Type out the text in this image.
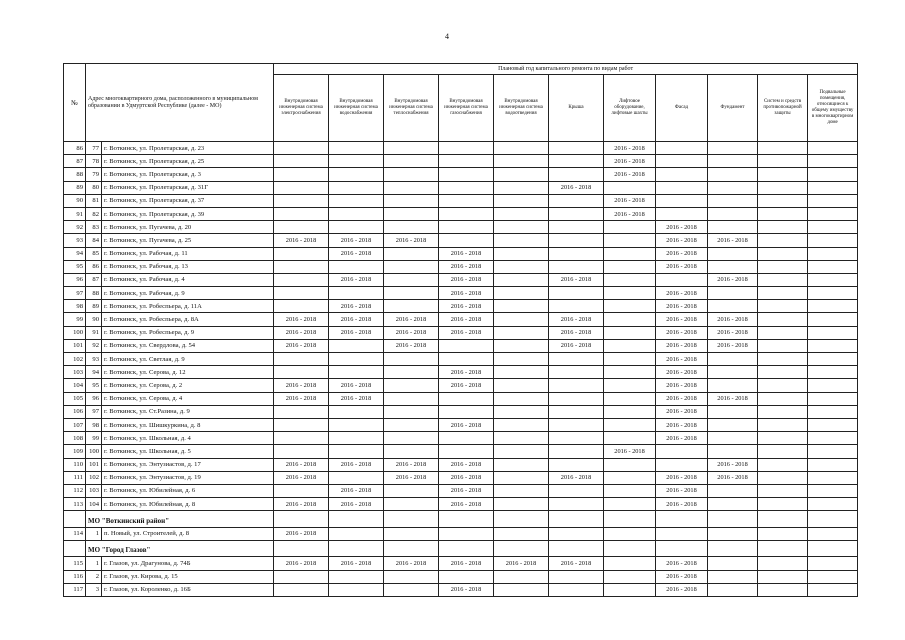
4
№	Адрес многоквартирного дома, расположенного в муниципальном образовании в Удмуртской Республике (далее - МО)		Плановый год капитального ремонта по видам работ										
			Внутридомовая инженерная система электроснабжения	Внутридомовая инженерная система водоснабжения	Внутридомовая инженерная система теплоснабжения	Внутридомовая инженерная система газоснабжения	Внутридомовая инженерная система водоотведения	Крыша	Лифтовое оборудование, лифтовые шахты	Фасад	Фундамент	Систем и средств противопожарной защиты	Подвальные помещения, относящиеся к общему имуществу в многоквартирном доме
86	77	г. Воткинск, ул. Пролетарская, д. 23							2016 - 2018				
87	78	г. Воткинск, ул. Пролетарская, д. 25							2016 - 2018				
88	79	г. Воткинск, ул. Пролетарская, д. 3							2016 - 2018				
89	80	г. Воткинск, ул. Пролетарская, д. 31Г						2016 - 2018					
90	81	г. Воткинск, ул. Пролетарская, д. 37							2016 - 2018				
91	82	г. Воткинск, ул. Пролетарская, д. 39							2016 - 2018				
92	83	г. Воткинск, ул. Пугачева, д. 20								2016 - 2018			
93	84	г. Воткинск, ул. Пугачева, д. 25	2016 - 2018	2016 - 2018	2016 - 2018					2016 - 2018	2016 - 2018		
94	85	г. Воткинск, ул. Рабочая, д. 11		2016 - 2018		2016 - 2018				2016 - 2018			
95	86	г. Воткинск, ул. Рабочая, д. 13				2016 - 2018				2016 - 2018			
96	87	г. Воткинск, ул. Рабочая, д. 4		2016 - 2018		2016 - 2018		2016 - 2018			2016 - 2018		
97	88	г. Воткинск, ул. Рабочая, д. 9				2016 - 2018				2016 - 2018			
98	89	г. Воткинск, ул. Робеспьера, д. 11А		2016 - 2018		2016 - 2018				2016 - 2018			
99	90	г. Воткинск, ул. Робеспьера, д. 8А	2016 - 2018	2016 - 2018	2016 - 2018	2016 - 2018		2016 - 2018		2016 - 2018	2016 - 2018		
100	91	г. Воткинск, ул. Робеспьера, д. 9	2016 - 2018	2016 - 2018	2016 - 2018	2016 - 2018		2016 - 2018		2016 - 2018	2016 - 2018		
101	92	г. Воткинск, ул. Свердлова, д. 54	2016 - 2018		2016 - 2018			2016 - 2018		2016 - 2018	2016 - 2018		
102	93	г. Воткинск, ул. Светлая, д. 9								2016 - 2018			
103	94	г. Воткинск, ул. Серова, д. 12				2016 - 2018				2016 - 2018			
104	95	г. Воткинск, ул. Серова, д. 2	2016 - 2018	2016 - 2018		2016 - 2018				2016 - 2018			
105	96	г. Воткинск, ул. Серова, д. 4	2016 - 2018	2016 - 2018						2016 - 2018	2016 - 2018		
106	97	г. Воткинск, ул. Ст.Разина, д. 9								2016 - 2018			
107	98	г. Воткинск, ул. Шишкуркина, д. 8				2016 - 2018				2016 - 2018			
108	99	г. Воткинск, ул. Школьная, д. 4								2016 - 2018			
109	100	г. Воткинск, ул. Школьная, д. 5							2016 - 2018				
110	101	г. Воткинск, ул. Энтузиастов, д. 17	2016 - 2018	2016 - 2018	2016 - 2018	2016 - 2018					2016 - 2018		
111	102	г. Воткинск, ул. Энтузиастов, д. 19	2016 - 2018		2016 - 2018	2016 - 2018		2016 - 2018		2016 - 2018	2016 - 2018		
112	103	г. Воткинск, ул. Юбилейная, д. 6		2016 - 2018		2016 - 2018				2016 - 2018			
113	104	г. Воткинск, ул. Юбилейная, д. 8	2016 - 2018	2016 - 2018		2016 - 2018				2016 - 2018			
	МО "Воткинский район"												
114	1	п. Новый, ул. Строителей, д. 8	2016 - 2018										
	МО "Город Глазов"												
115	1	г. Глазов, ул. Драгунова, д. 74Б	2016 - 2018	2016 - 2018	2016 - 2018	2016 - 2018	2016 - 2018	2016 - 2018		2016 - 2018			
116	2	г. Глазов, ул. Кирова, д. 15								2016 - 2018			
117	3	г. Глазов, ул. Короленко, д. 16Б				2016 - 2018				2016 - 2018			
